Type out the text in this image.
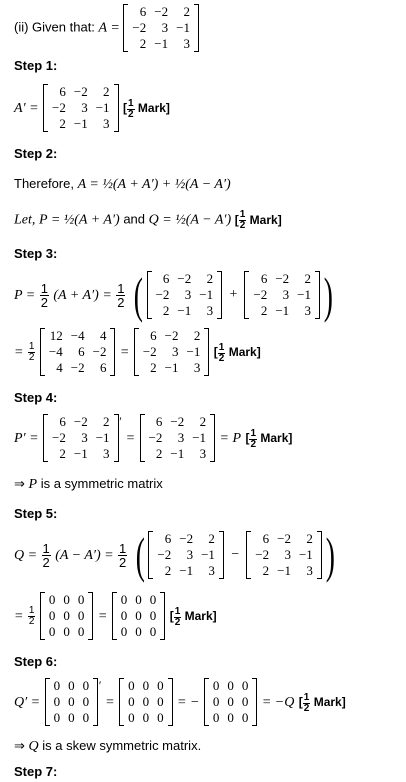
(ii) Given that: A =
6	−2	2
−2	3	−1
2	−1	3
Step 1:
A′ =
6	−2	2
−2	3	−1
2	−1	3
[ $\frac{1}{2}$ Mark]
Step 2:
Therefore, A = ½(A + A′) + ½(A − A′)
Let, P = ½(A + A′) and Q = ½(A − A′) [ $\frac{1}{2}$ Mark]
Step 3:
$P = \frac{1}{2} (A + A') = \frac{1}{2}$ ( 6	−2	2
−2	3	−1
2	−1	3
+
6	−2	2
−2	3	−1
2	−1	3 )
= $\frac{1}{2}$

12	−4	4
−4	6	−2
4	−2	6
=
6	−2	2
−2	3	−1
2	−1	3
[ $\frac{1}{2}$ Mark]
Step 4:
P′ =
6	−2	2
−2	3	−1
2	−1	3
′ =
6	−2	2
−2	3	−1
2	−1	3
= P [ $\frac{1}{2}$ Mark]
⇒ P is a symmetric matrix
Step 5:
$Q = \frac{1}{2} (A - A') = \frac{1}{2}$ ( 6	−2	2
−2	3	−1
2	−1	3
−
6	−2	2
−2	3	−1
2	−1	3 )
= $\frac{1}{2}$

0	0	0
0	0	0
0	0	0
=
0	0	0
0	0	0
0	0	0
[ $\frac{1}{2}$ Mark]
Step 6:
Q′ =
0	0	0
0	0	0
0	0	0
′ =
0	0	0
0	0	0
0	0	0
= −
0	0	0
0	0	0
0	0	0
= −Q [ $\frac{1}{2}$ Mark]
⇒ Q is a skew symmetric matrix.
Step 7:
